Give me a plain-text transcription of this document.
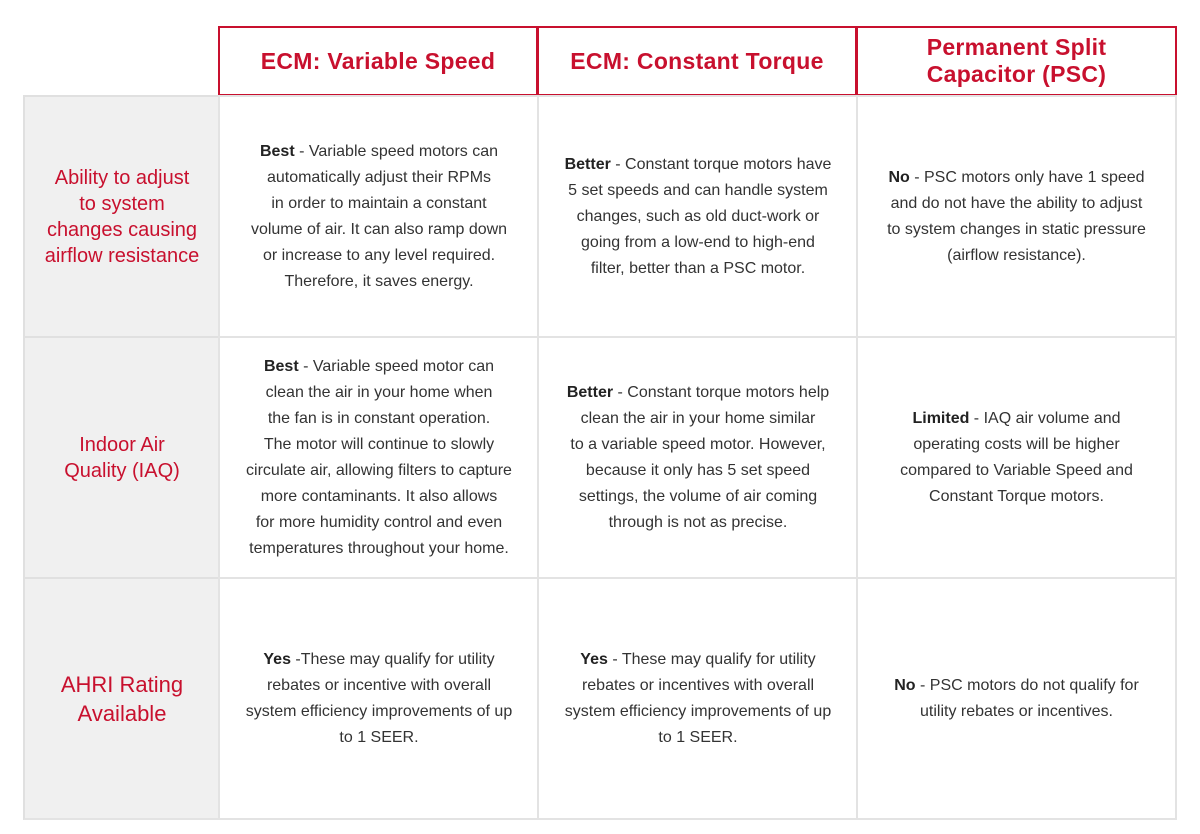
ECM: Variable Speed	ECM: Constant Torque
Permanent Split
Capacitor (PSC)
Ability to adjust
to system
changes causing
airflow resistance
Best - Variable speed motors can
automatically adjust their RPMs
in order to maintain a constant
volume of air. It can also ramp down
or increase to any level required.
Therefore, it saves energy.
Better - Constant torque motors have
5 set speeds and can handle system
changes, such as old duct-work or
going from a low-end to high-end
filter, better than a PSC motor.
No - PSC motors only have 1 speed
and do not have the ability to adjust
to system changes in static pressure
(airflow resistance).
Indoor Air
Quality (IAQ)
Best - Variable speed motor can
clean the air in your home when
the fan is in constant operation.
The motor will continue to slowly
circulate air, allowing filters to capture
more contaminants. It also allows
for more humidity control and even
temperatures throughout your home.
Better - Constant torque motors help
clean the air in your home similar
to a variable speed motor. However,
because it only has 5 set speed
settings, the volume of air coming
through is not as precise.
Limited - IAQ air volume and
operating costs will be higher
compared to Variable Speed and
Constant Torque motors.
AHRI Rating
Available
Yes -These may qualify for utility
rebates or incentive with overall
system efficiency improvements of up
to 1 SEER.
Yes - These may qualify for utility
rebates or incentives with overall
system efficiency improvements of up
to 1 SEER.
No - PSC motors do not qualify for
utility rebates or incentives.
